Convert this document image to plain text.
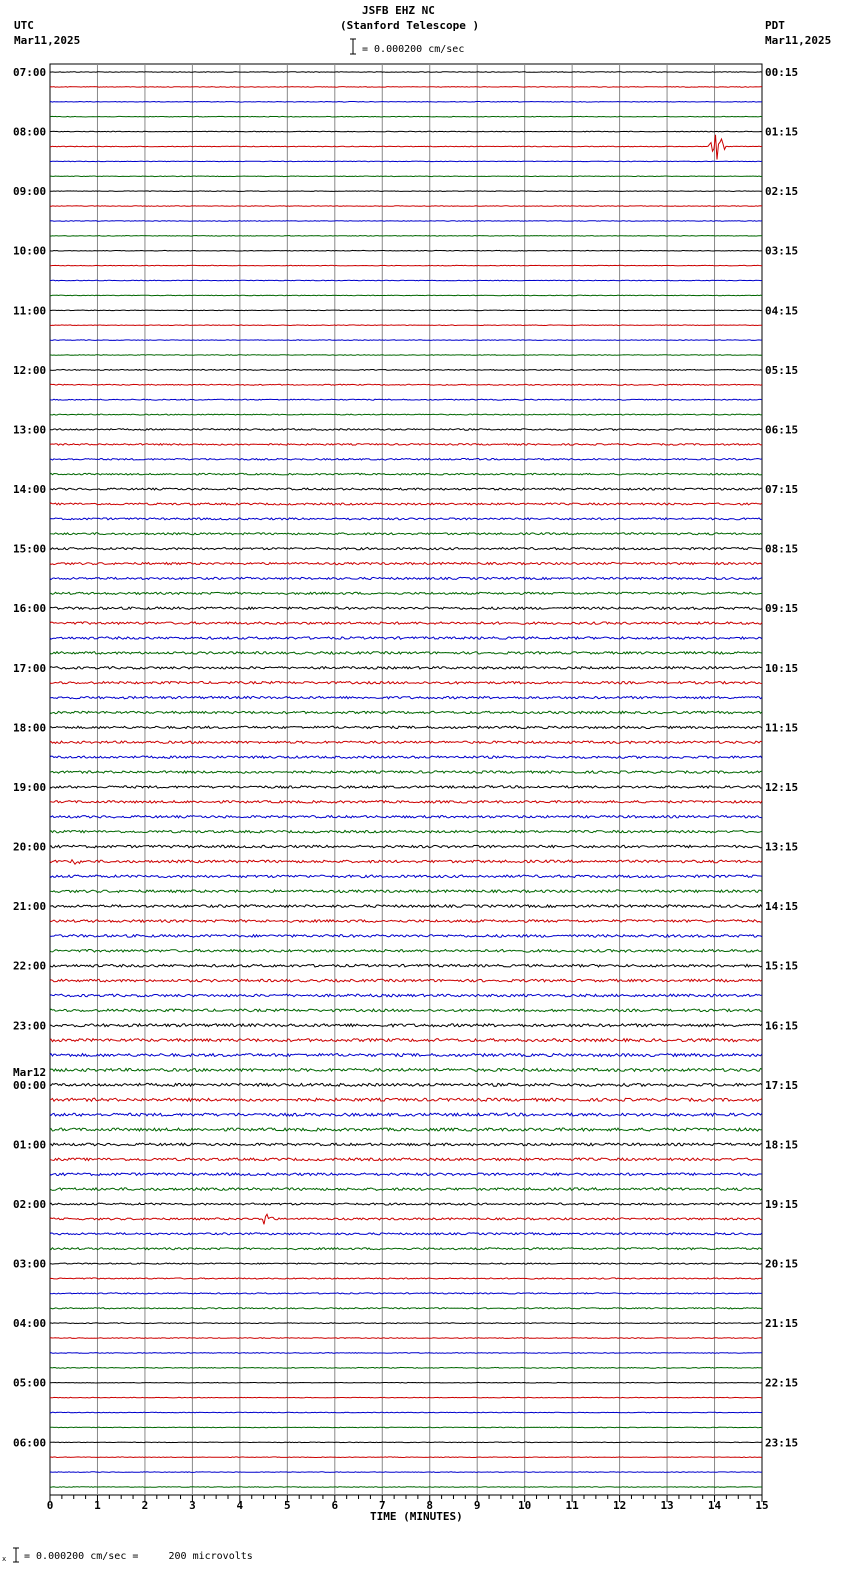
JSFB EHZ NC
(Stanford Telescope )
UTC
Mar11,2025
PDT
Mar11,2025
= 0.000200 cm/sec
07:00	00:15
08:00	01:15
09:00	02:15
10:00	03:15
11:00	04:15
12:00	05:15
13:00	06:15
14:00	07:15
15:00	08:15
16:00	09:15
17:00	10:15
18:00	11:15
19:00	12:15
20:00	13:15
21:00	14:15
22:00	15:15
23:00	16:15
00:00	17:15
Mar12
01:00	18:15
02:00	19:15
03:00	20:15
04:00	21:15
05:00	22:15
06:00	23:15
0	1	2	3	4	5	6	7	8	9	10	11	12	13	14	15
TIME (MINUTES)
x = 0.000200 cm/sec =     200 microvolts
